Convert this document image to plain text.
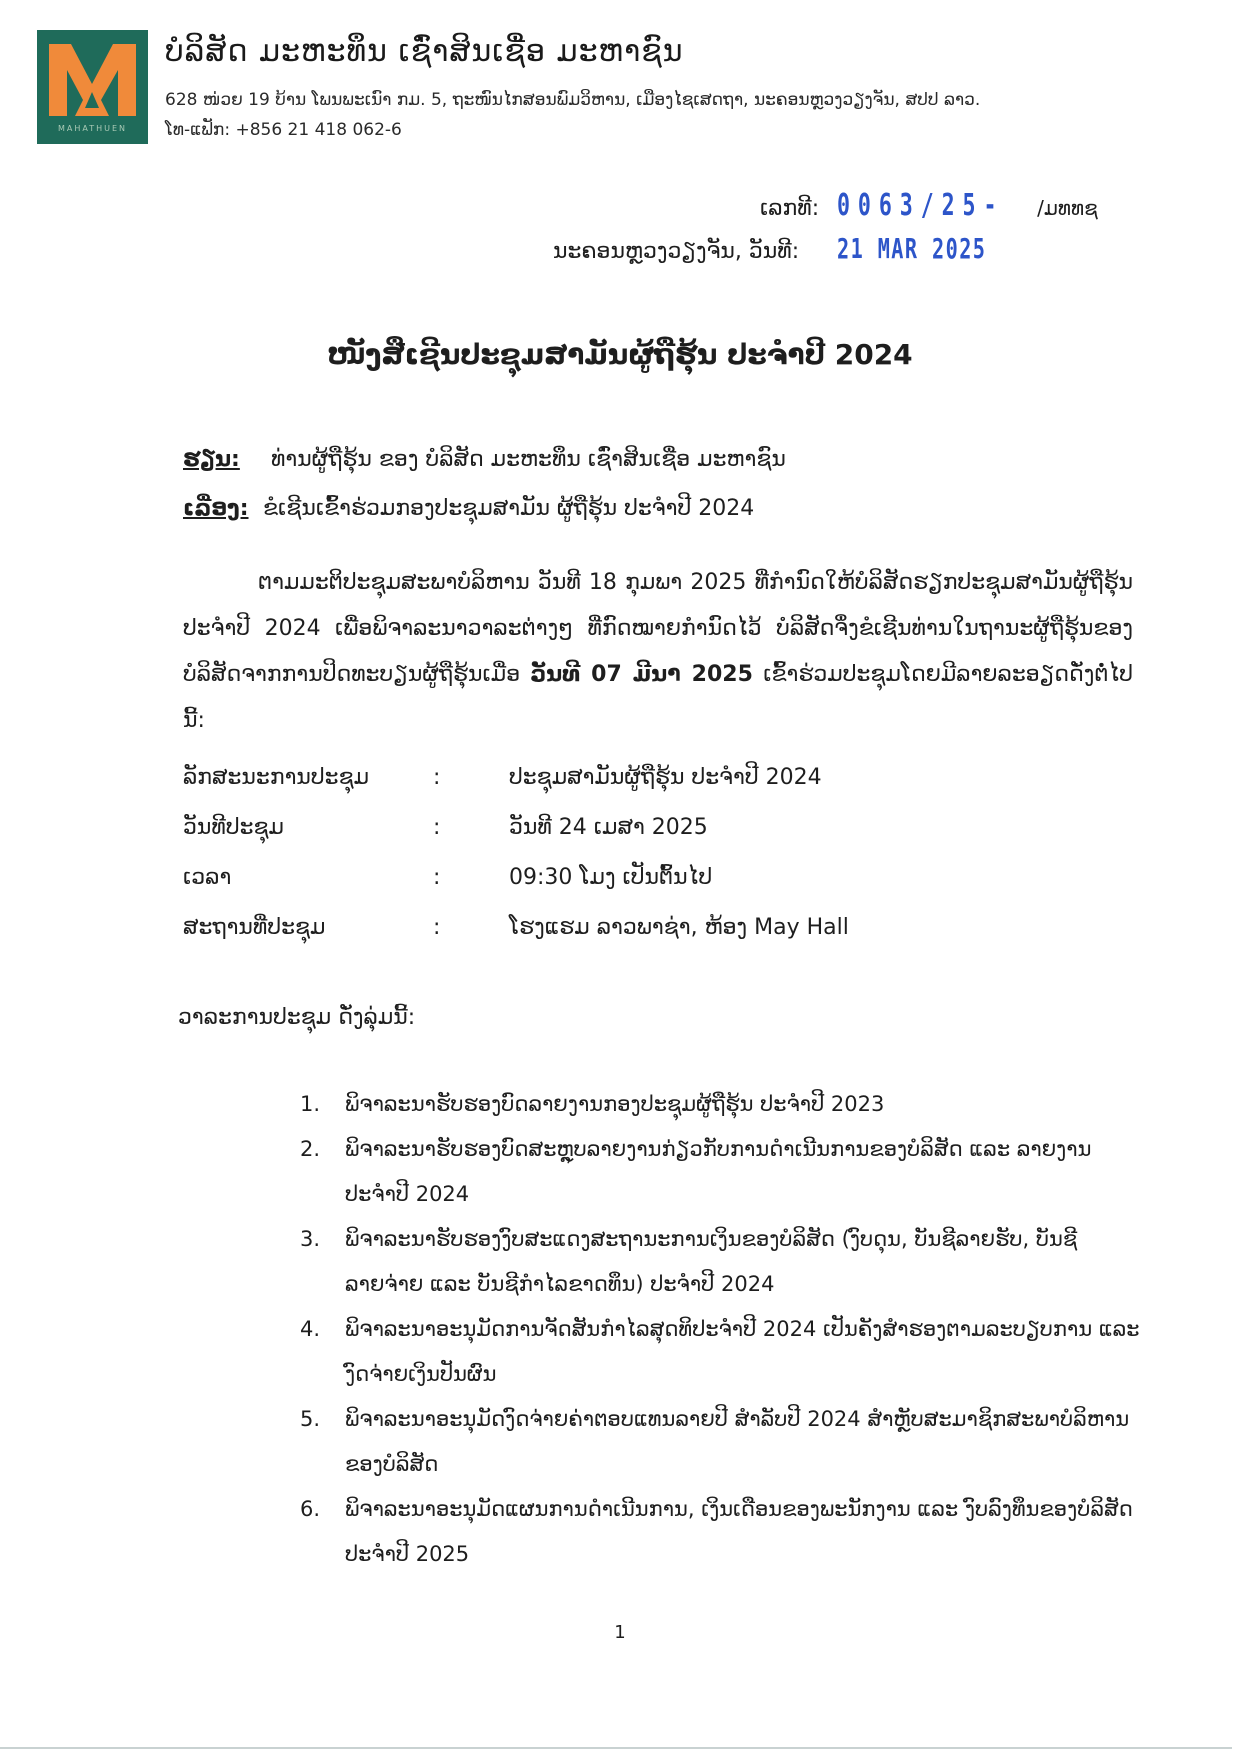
MAHATHUEN
ບໍລິສັດ ມະຫະທຶນ ເຊົ່າສິນເຊື່ອ ມະຫາຊົນ
628 ໜ່ວຍ 19 ບ້ານ ໂພນພະເນົາ ກມ. 5, ຖະໜົນໄກສອນພົມວິຫານ, ເມືອງໄຊເສດຖາ, ນະຄອນຫຼວງວຽງຈັນ, ສປປ ລາວ.
ໂທ-ແຟັກ: +856 21 418 062-6
ເລກທີ: 0063/25- /ມທທຊ
ນະຄອນຫຼວງວຽງຈັນ, ວັນທີ: 21 MAR 2025
ໜັງສືເຊີນປະຊຸມສາມັນຜູ້ຖືຮຸ້ນ ປະຈຳປີ 2024
ຮຽນ:	ທ່ານຜູ້ຖືຮຸ້ນ ຂອງ ບໍລິສັດ ມະຫະທຶນ ເຊົ່າສິນເຊື່ອ ມະຫາຊົນ
ເລື່ອງ: ຂໍເຊີນເຂົ້າຮ່ວມກອງປະຊຸມສາມັນ ຜູ້ຖືຮຸ້ນ ປະຈຳປີ 2024
ຕາມມະຕິປະຊຸມສະພາບໍລິຫານ ວັນທີ 18 ກຸມພາ 2025 ທີ່ກຳນົດໃຫ້ບໍລິສັດຮຽກປະຊຸມສາມັນຜູ້ຖືຮຸ້ນ ປະຈຳປີ 2024 ເພື່ອພິຈາລະນາວາລະຕ່າງໆ ທີ່ກົດໝາຍກຳນົດໄວ້ ບໍລິສັດຈຶ່ງຂໍເຊີນທ່ານໃນຖານະຜູ້ຖືຮຸ້ນຂອງບໍລິສັດຈາກການປິດທະບຽນຜູ້ຖືຮຸ້ນເມື່ອ ວັນທີ 07 ມີນາ 2025 ເຂົ້າຮ່ວມປະຊຸມໂດຍມີລາຍລະອຽດດັ່ງຕໍ່ໄປນີ້:
ລັກສະນະການປະຊຸມ	:	ປະຊຸມສາມັນຜູ້ຖືຮຸ້ນ ປະຈຳປີ 2024
ວັນທີປະຊຸມ	:	ວັນທີ 24 ເມສາ 2025
ເວລາ	:	09:30 ໂມງ ເປັນຕົ້ນໄປ
ສະຖານທີ່ປະຊຸມ	:	ໂຮງແຮມ ລາວພາຊ່າ, ຫ້ອງ May Hall
ວາລະການປະຊຸມ ດັ່ງລຸ່ມນີ້:
1.	ພິຈາລະນາຮັບຮອງບົດລາຍງານກອງປະຊຸມຜູ້ຖືຮຸ້ນ ປະຈຳປີ 2023
2.	ພິຈາລະນາຮັບຮອງບົດສະຫຼຸບລາຍງານກ່ຽວກັບການດຳເນີນການຂອງບໍລິສັດ ແລະ ລາຍງານປະຈຳປີ 2024
3.	ພິຈາລະນາຮັບຮອງງົບສະແດງສະຖານະການເງິນຂອງບໍລິສັດ (ງົບດຸນ, ບັນຊີລາຍຮັບ, ບັນຊີລາຍຈ່າຍ ແລະ ບັນຊີກຳໄລຂາດທຶນ) ປະຈຳປີ 2024
4.	ພິຈາລະນາອະນຸມັດການຈັດສັນກຳໄລສຸດທິປະຈຳປີ 2024 ເປັນຄັງສຳຮອງຕາມລະບຽບການ ແລະ ງົດຈ່າຍເງິນປັນຜົນ
5.	ພິຈາລະນາອະນຸມັດງົດຈ່າຍຄ່າຕອບແທນລາຍປີ ສຳລັບປີ 2024 ສຳຫຼັບສະມາຊິກສະພາບໍລິຫານຂອງບໍລິສັດ
6.	ພິຈາລະນາອະນຸມັດແຜນການດຳເນີນການ, ເງິນເດືອນຂອງພະນັກງານ ແລະ ງົບລົງທຶນຂອງບໍລິສັດ ປະຈຳປີ 2025
1
